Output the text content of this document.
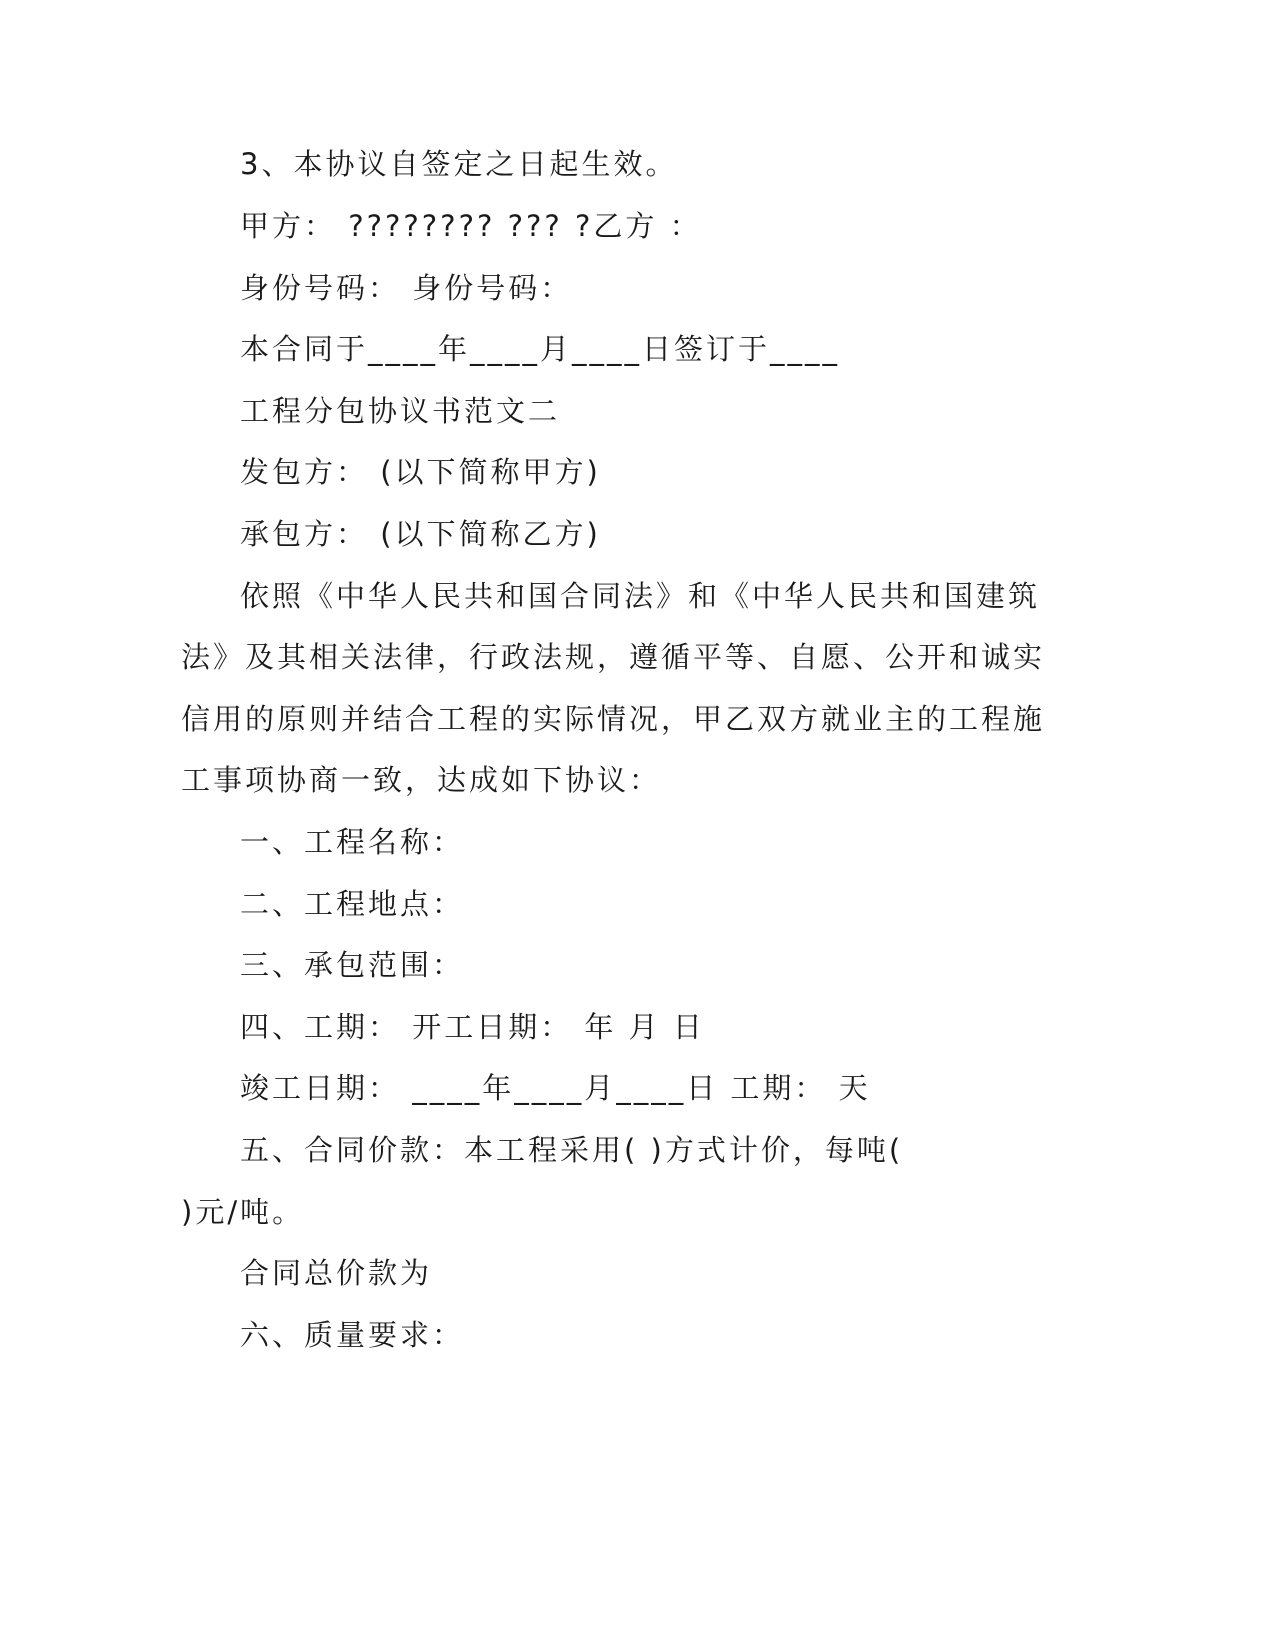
3、本协议自签定之日起生效。

甲方： ???????? ??? ?乙方 ：

身份号码： 身份号码：

本合同于____年____月____日签订于____

工程分包协议书范文二

发包方： (以下简称甲方)

承包方： (以下简称乙方)

依照《中华人民共和国合同法》和《中华人民共和国建筑

法》及其相关法律，行政法规，遵循平等、自愿、公开和诚实

信用的原则并结合工程的实际情况，甲乙双方就业主的工程施

工事项协商一致，达成如下协议：

一、工程名称：

二、工程地点：

三、承包范围：

四、工期： 开工日期： 年 月 日

竣工日期： ____年____月____日 工期： 天

五、合同价款：本工程采用( )方式计价，每吨(

)元/吨。

合同总价款为

六、质量要求：
